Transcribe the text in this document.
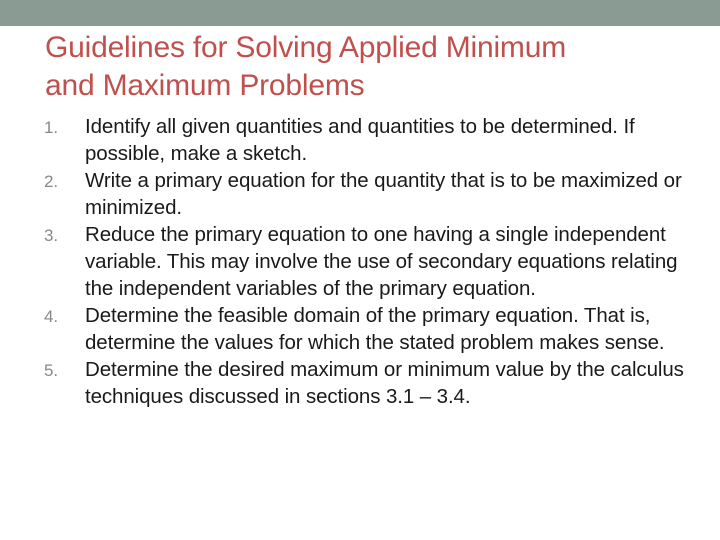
Guidelines for Solving Applied Minimum
and Maximum Problems
1. Identify all given quantities and quantities to be determined. If possible, make a sketch.
2. Write a primary equation for the quantity that is to be maximized or minimized.
3. Reduce the primary equation to one having a single independent variable. This may involve the use of secondary equations relating the independent variables of the primary equation.
4. Determine the feasible domain of the primary equation. That is, determine the values for which the stated problem makes sense.
5. Determine the desired maximum or minimum value by the calculus techniques discussed in sections 3.1 – 3.4.
